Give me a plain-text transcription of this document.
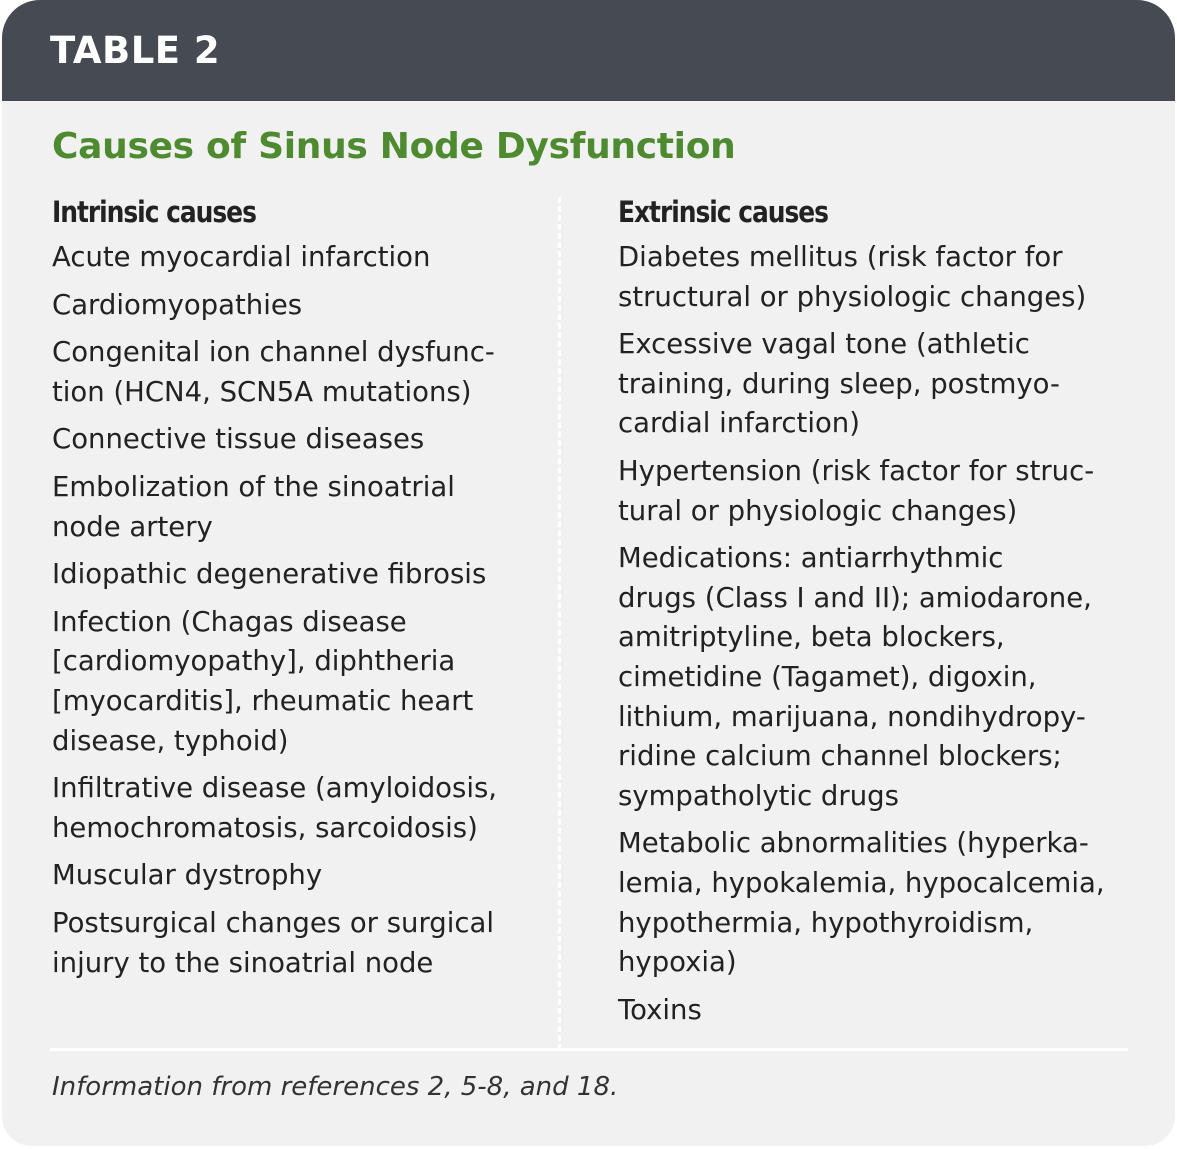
TABLE 2
Causes of Sinus Node Dysfunction
Intrinsic causes
Acute myocardial infarction
Cardiomyopathies
Congenital ion channel dysfunc-
tion (HCN4, SCN5A mutations)
Connective tissue diseases
Embolization of the sinoatrial
node artery
Idiopathic degenerative fibrosis
Infection (Chagas disease
[cardiomyopathy], diphtheria
[myocarditis], rheumatic heart
disease, typhoid)
Infiltrative disease (amyloidosis,
hemochromatosis, sarcoidosis)
Muscular dystrophy
Postsurgical changes or surgical
injury to the sinoatrial node
Extrinsic causes
Diabetes mellitus (risk factor for
structural or physiologic changes)
Excessive vagal tone (athletic
training, during sleep, postmyo-
cardial infarction)
Hypertension (risk factor for struc-
tural or physiologic changes)
Medications: antiarrhythmic
drugs (Class I and II); amiodarone,
amitriptyline, beta blockers,
cimetidine (Tagamet), digoxin,
lithium, marijuana, nondihydropy-
ridine calcium channel blockers;
sympatholytic drugs
Metabolic abnormalities (hyperka-
lemia, hypokalemia, hypocalcemia,
hypothermia, hypothyroidism,
hypoxia)
Toxins
Information from references 2, 5-8, and 18.
